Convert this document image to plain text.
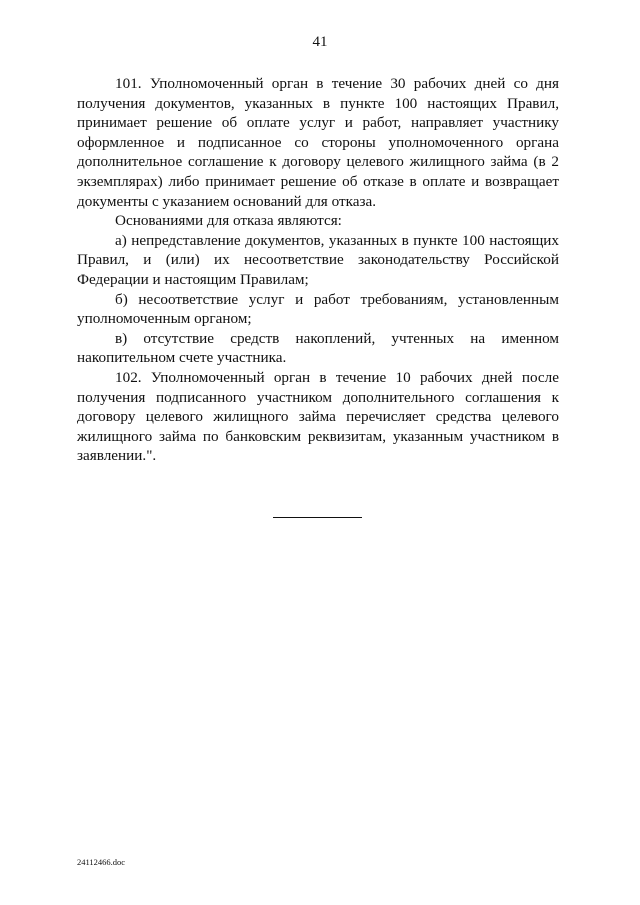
41

101. Уполномоченный орган в течение 30 рабочих дней со дня получения документов, указанных в пункте 100 настоящих Правил, принимает решение об оплате услуг и работ, направляет участнику оформленное и подписанное со стороны уполномоченного органа дополнительное соглашение к договору целевого жилищного займа (в 2 экземплярах) либо принимает решение об отказе в оплате и возвращает документы с указанием оснований для отказа.

Основаниями для отказа являются:

а) непредставление документов, указанных в пункте 100 настоящих Правил, и (или) их несоответствие законодательству Российской Федерации и настоящим Правилам;

б) несоответствие услуг и работ требованиям, установленным уполномоченным органом;

в) отсутствие средств накоплений, учтенных на именном накопительном счете участника.

102. Уполномоченный орган в течение 10 рабочих дней после получения подписанного участником дополнительного соглашения к договору целевого жилищного займа перечисляет средства целевого жилищного займа по банковским реквизитам, указанным участником в заявлении.".

24112466.doc
